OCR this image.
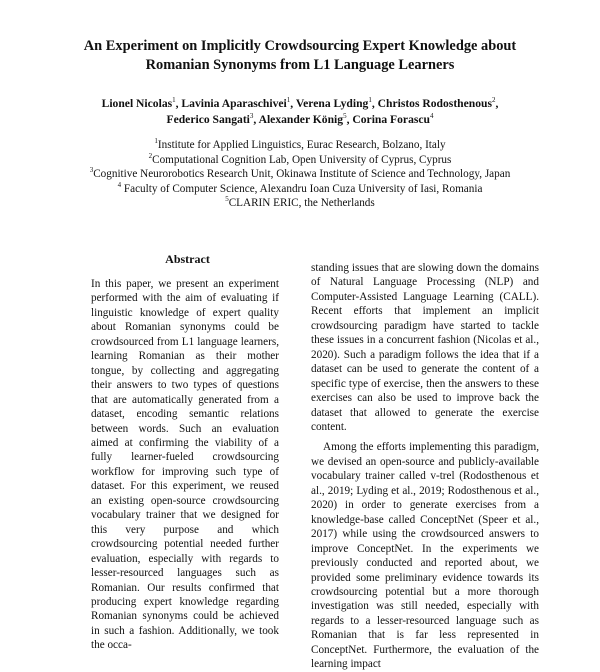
An Experiment on Implicitly Crowdsourcing Expert Knowledge about
Romanian Synonyms from L1 Language Learners
Lionel Nicolas$^1$, Lavinia Aparaschivei$^1$, Verena Lyding$^1$, Christos Rodosthenous$^2$,
Federico Sangati$^3$, Alexander König$^5$, Corina Forascu$^4$
$^1$Institute for Applied Linguistics, Eurac Research, Bolzano, Italy
$^2$Computational Cognition Lab, Open University of Cyprus, Cyprus
$^3$Cognitive Neurorobotics Research Unit, Okinawa Institute of Science and Technology, Japan
$^4$ Faculty of Computer Science, Alexandru Ioan Cuza University of Iasi, Romania
$^5$CLARIN ERIC, the Netherlands
Abstract
In this paper, we present an experiment performed with the aim of evaluating if linguistic knowledge of expert quality about Romanian synonyms could be crowdsourced from L1 language learners, learning Romanian as their mother tongue, by collecting and aggregating their answers to two types of questions that are automatically generated from a dataset, encoding semantic relations between words. Such an evaluation aimed at confirming the viability of a fully learner-fueled crowdsourcing workflow for improving such type of dataset. For this experiment, we reused an existing open-source crowdsourcing vocabulary trainer that we designed for this very purpose and which crowdsourcing potential needed further evaluation, especially with regards to lesser-resourced languages such as Romanian. Our results confirmed that producing expert knowledge regarding Romanian synonyms could be achieved in such a fashion. Additionally, we took the occa-

standing issues that are slowing down the domains of Natural Language Processing (NLP) and Computer-Assisted Language Learning (CALL). Recent efforts that implement an implicit crowdsourcing paradigm have started to tackle these issues in a concurrent fashion (Nicolas et al., 2020). Such a paradigm follows the idea that if a dataset can be used to generate the content of a specific type of exercise, then the answers to these exercises can also be used to improve back the dataset that allowed to generate the exercise content.

Among the efforts implementing this paradigm, we devised an open-source and publicly-available vocabulary trainer called v-trel (Rodosthenous et al., 2019; Lyding et al., 2019; Rodosthenous et al., 2020) in order to generate exercises from a knowledge-base called ConceptNet (Speer et al., 2017) while using the crowdsourced answers to improve ConceptNet. In the experiments we previously conducted and reported about, we provided some preliminary evidence towards its crowdsourcing potential but a more thorough investigation was still needed, especially with regards to a lesser-resourced language such as Romanian that is far less represented in ConceptNet. Furthermore, the evaluation of the learning impact
